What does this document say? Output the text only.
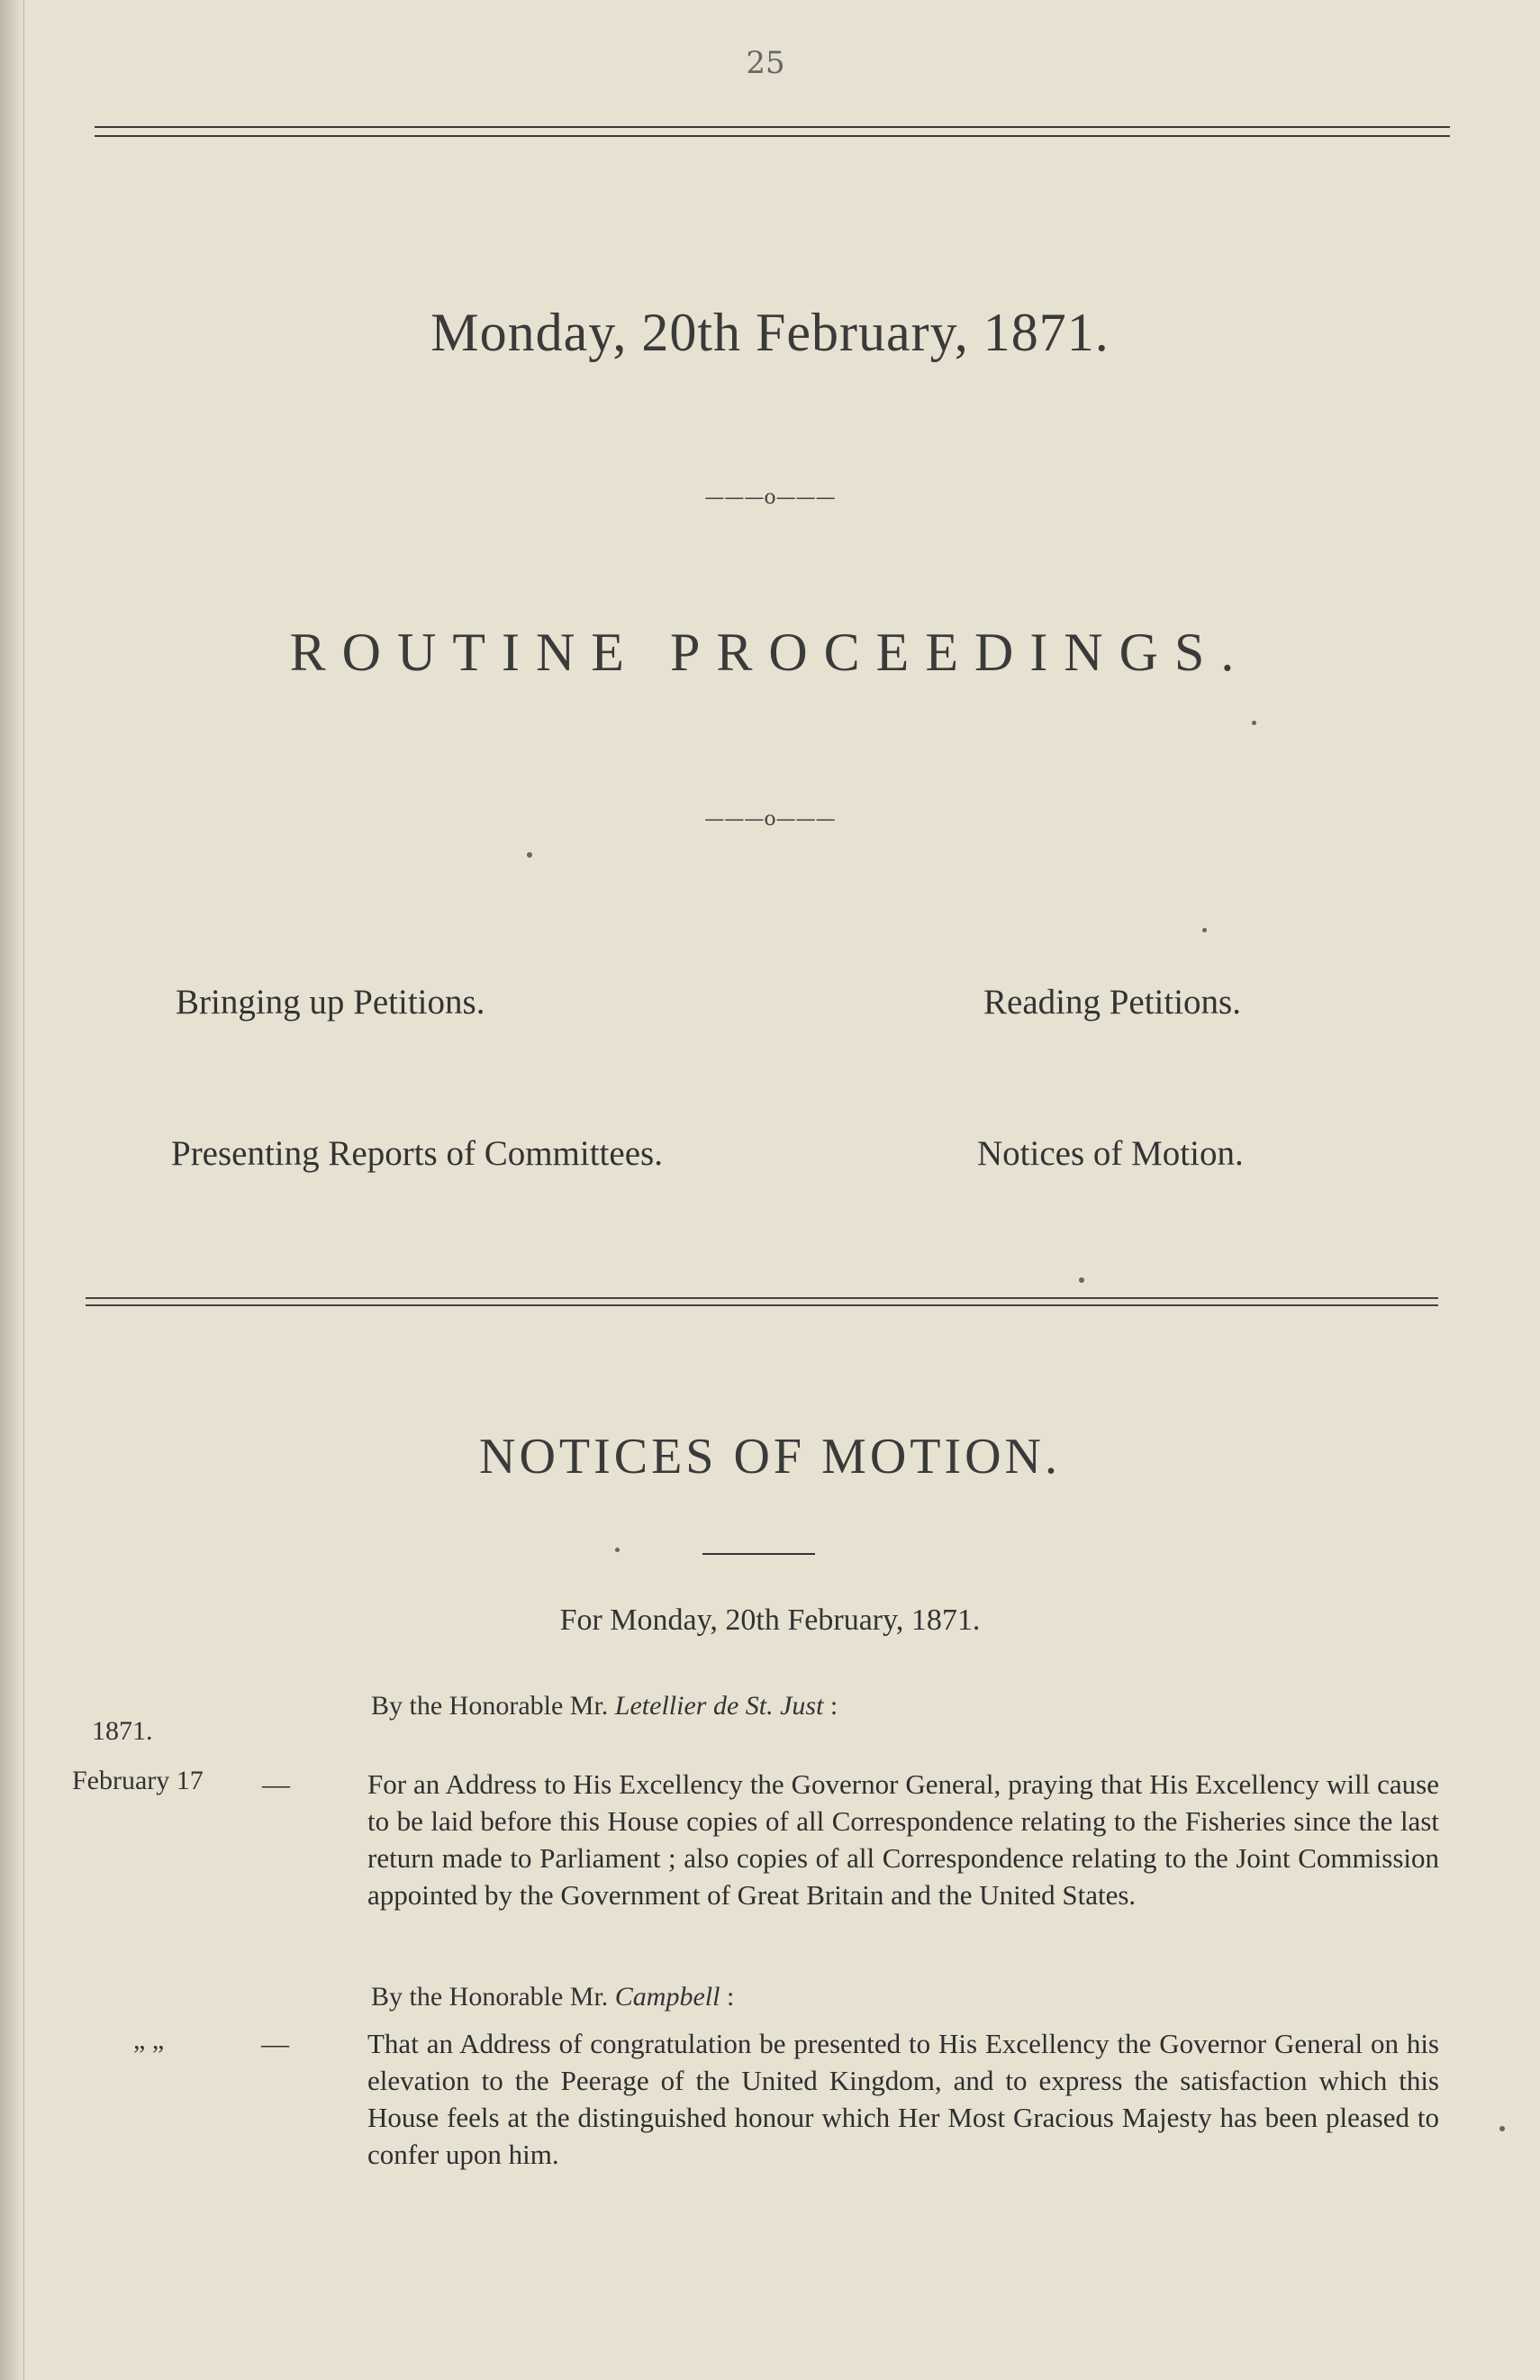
25
Monday, 20th February, 1871.
———o———
ROUTINE PROCEEDINGS.
———o———
Bringing up Petitions.	Reading Petitions.
Presenting Reports of Committees.	Notices of Motion.
NOTICES OF MOTION.
For Monday, 20th February, 1871.
By the Honorable Mr. Letellier de St. Just :
1871.
February 17 —	For an Address to His Excellency the Governor General, praying that His Excellency will cause to be laid before this House copies of all Correspondence relating to the Fisheries since the last return made to Parliament ; also copies of all Correspondence relating to the Joint Commission appointed by the Government of Great Britain and the United States.
By the Honorable Mr. Campbell :
„ „	—	That an Address of congratulation be presented to His Excellency the Governor General on his elevation to the Peerage of the United Kingdom, and to express the satisfaction which this House feels at the distinguished honour which Her Most Gracious Majesty has been pleased to confer upon him.
